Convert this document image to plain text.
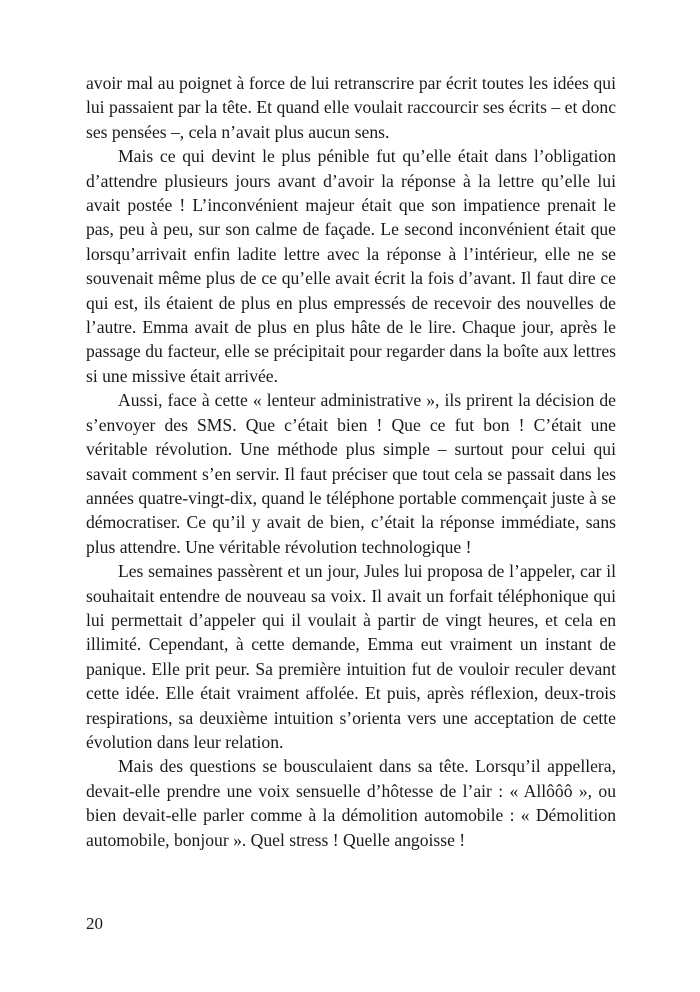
avoir mal au poignet à force de lui retranscrire par écrit toutes les idées qui lui passaient par la tête. Et quand elle voulait raccourcir ses écrits – et donc ses pensées –, cela n’avait plus aucun sens.

Mais ce qui devint le plus pénible fut qu’elle était dans l’obligation d’attendre plusieurs jours avant d’avoir la réponse à la lettre qu’elle lui avait postée ! L’inconvénient majeur était que son impatience prenait le pas, peu à peu, sur son calme de façade. Le second inconvénient était que lorsqu’arrivait enfin ladite lettre avec la réponse à l’intérieur, elle ne se souvenait même plus de ce qu’elle avait écrit la fois d’avant. Il faut dire ce qui est, ils étaient de plus en plus empressés de recevoir des nouvelles de l’autre. Emma avait de plus en plus hâte de le lire. Chaque jour, après le passage du facteur, elle se précipitait pour regarder dans la boîte aux lettres si une missive était arrivée.

Aussi, face à cette « lenteur administrative », ils prirent la décision de s’envoyer des SMS. Que c’était bien ! Que ce fut bon ! C’était une véritable révolution. Une méthode plus simple – surtout pour celui qui savait comment s’en servir. Il faut préciser que tout cela se passait dans les années quatre-vingt-dix, quand le téléphone portable commençait juste à se démocratiser. Ce qu’il y avait de bien, c’était la réponse immédiate, sans plus attendre. Une véritable révolution technologique !

Les semaines passèrent et un jour, Jules lui proposa de l’appeler, car il souhaitait entendre de nouveau sa voix. Il avait un forfait téléphonique qui lui permettait d’appeler qui il voulait à partir de vingt heures, et cela en illimité. Cependant, à cette demande, Emma eut vraiment un instant de panique. Elle prit peur. Sa première intuition fut de vouloir reculer devant cette idée. Elle était vraiment affolée. Et puis, après réflexion, deux-trois respirations, sa deuxième intuition s’orienta vers une acceptation de cette évolution dans leur relation.

Mais des questions se bousculaient dans sa tête. Lorsqu’il appellera, devait-elle prendre une voix sensuelle d’hôtesse de l’air : « Allôôô », ou bien devait-elle parler comme à la démolition automobile : « Démolition automobile, bonjour ». Quel stress ! Quelle angoisse !

20
